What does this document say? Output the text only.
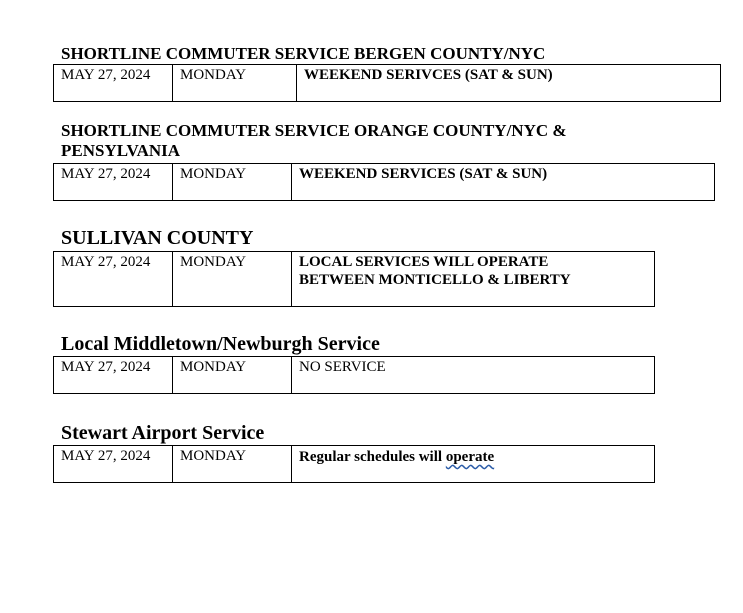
SHORTLINE COMMUTER SERVICE BERGEN COUNTY/NYC
MAY 27, 2024	MONDAY	WEEKEND SERIVCES (SAT & SUN)
SHORTLINE COMMUTER SERVICE ORANGE COUNTY/NYC & PENSYLVANIA
MAY 27, 2024	MONDAY	WEEKEND SERVICES (SAT & SUN)
SULLIVAN COUNTY
MAY 27, 2024	MONDAY	LOCAL SERVICES WILL OPERATE BETWEEN MONTICELLO & LIBERTY
Local Middletown/Newburgh Service
MAY 27, 2024	MONDAY	NO SERVICE
Stewart Airport Service
MAY 27, 2024	MONDAY	Regular schedules will operate
